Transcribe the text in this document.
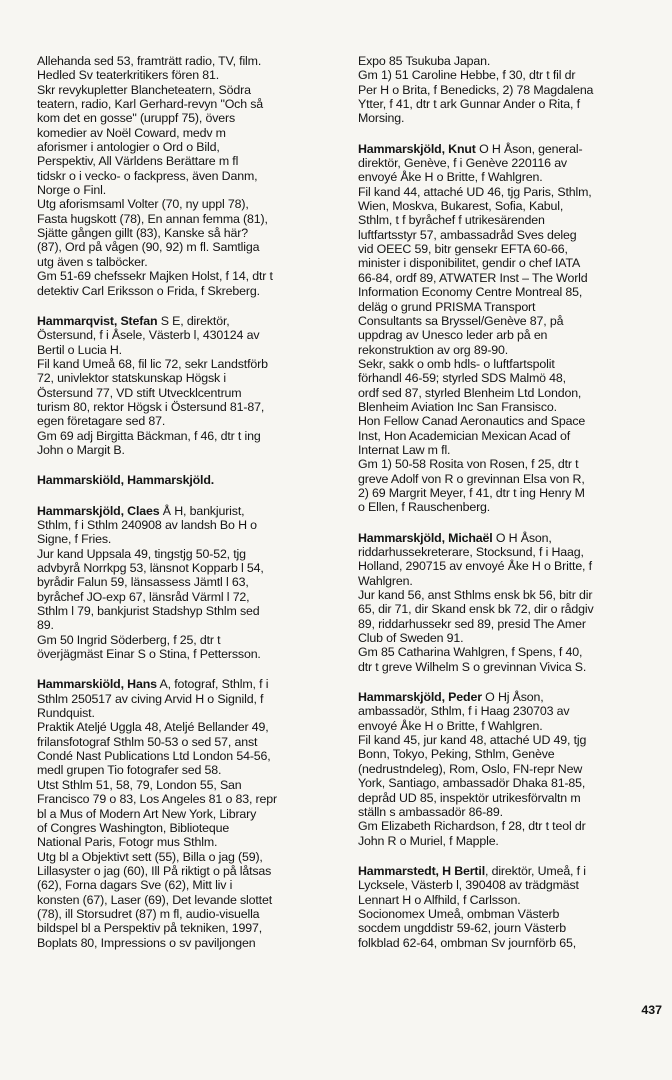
Allehanda sed 53, framträtt radio, TV, film.
Hedled Sv teaterkritikers fören 81.
Skr revykupletter Blancheteatern, Södra
teatern, radio, Karl Gerhard-revyn "Och så
kom det en gosse" (uruppf 75), övers
komedier av Noël Coward, medv m
aforismer i antologier o Ord o Bild,
Perspektiv, All Världens Berättare m fl
tidskr o i vecko- o fackpress, även Danm,
Norge o Finl.
Utg aforismsaml Volter (70, ny uppl 78),
Fasta hugskott (78), En annan femma (81),
Sjätte gången gillt (83), Kanske så här?
(87), Ord på vågen (90, 92) m fl. Samtliga
utg även s talböcker.
Gm 51-69 chefssekr Majken Holst, f 14, dtr t
detektiv Carl Eriksson o Frida, f Skreberg.

Hammarqvist, Stefan S E, direktör,
Östersund, f i Åsele, Västerb l, 430124 av
Bertil o Lucia H.
Fil kand Umeå 68, fil lic 72, sekr Landstförb
72, univlektor statskunskap Högsk i
Östersund 77, VD stift Utvecklcentrum
turism 80, rektor Högsk i Östersund 81-87,
egen företagare sed 87.
Gm 69 adj Birgitta Bäckman, f 46, dtr t ing
John o Margit B.

Hammarskiöld, Hammarskjöld.

Hammarskjöld, Claes Å H, bankjurist,
Sthlm, f i Sthlm 240908 av landsh Bo H o
Signe, f Fries.
Jur kand Uppsala 49, tingstjg 50-52, tjg
advbyrå Norrkpg 53, länsnot Kopparb l 54,
byrådir Falun 59, länsassess Jämtl l 63,
byråchef JO-exp 67, länsråd Värml l 72,
Sthlm l 79, bankjurist Stadshyp Sthlm sed
89.
Gm 50 Ingrid Söderberg, f 25, dtr t
överjägmäst Einar S o Stina, f Pettersson.

Hammarskiöld, Hans A, fotograf, Sthlm, f i
Sthlm 250517 av civing Arvid H o Signild, f
Rundquist.
Praktik Ateljé Uggla 48, Ateljé Bellander 49,
frilansfotograf Sthlm 50-53 o sed 57, anst
Condé Nast Publications Ltd London 54-56,
medl grupen Tio fotografer sed 58.
Utst Sthlm 51, 58, 79, London 55, San
Francisco 79 o 83, Los Angeles 81 o 83, repr
bl a Mus of Modern Art New York, Library
of Congres Washington, Biblioteque
National Paris, Fotogr mus Sthlm.
Utg bl a Objektivt sett (55), Billa o jag (59),
Lillasyster o jag (60), Ill På riktigt o på låtsas
(62), Forna dagars Sve (62), Mitt liv i
konsten (67), Laser (69), Det levande slottet
(78), ill Storsudret (87) m fl, audio-visuella
bildspel bl a Perspektiv på tekniken, 1997,
Boplats 80, Impressions o sv paviljongen

Expo 85 Tsukuba Japan.
Gm 1) 51 Caroline Hebbe, f 30, dtr t fil dr
Per H o Brita, f Benedicks, 2) 78 Magdalena
Ytter, f 41, dtr t ark Gunnar Ander o Rita, f
Morsing.

Hammarskjöld, Knut O H Åson, general-
direktör, Genève, f i Genève 220116 av
envoyé Åke H o Britte, f Wahlgren.
Fil kand 44, attaché UD 46, tjg Paris, Sthlm,
Wien, Moskva, Bukarest, Sofia, Kabul,
Sthlm, t f byråchef f utrikesärenden
luftfartsstyr 57, ambassadråd Sves deleg
vid OEEC 59, bitr gensekr EFTA 60-66,
minister i disponibilitet, gendir o chef IATA
66-84, ordf 89, ATWATER Inst – The World
Information Economy Centre Montreal 85,
deläg o grund PRISMA Transport
Consultants sa Bryssel/Genève 87, på
uppdrag av Unesco leder arb på en
rekonstruktion av org 89-90.
Sekr, sakk o omb hdls- o luftfartspolit
förhandl 46-59; styrled SDS Malmö 48,
ordf sed 87, styrled Blenheim Ltd London,
Blenheim Aviation Inc San Fransisco.
Hon Fellow Canad Aeronautics and Space
Inst, Hon Academician Mexican Acad of
Internat Law m fl.
Gm 1) 50-58 Rosita von Rosen, f 25, dtr t
greve Adolf von R o grevinnan Elsa von R,
2) 69 Margrit Meyer, f 41, dtr t ing Henry M
o Ellen, f Rauschenberg.

Hammarskjöld, Michaël O H Åson,
riddarhussekreterare, Stocksund, f i Haag,
Holland, 290715 av envoyé Åke H o Britte, f
Wahlgren.
Jur kand 56, anst Sthlms ensk bk 56, bitr dir
65, dir 71, dir Skand ensk bk 72, dir o rådgiv
89, riddarhussekr sed 89, presid The Amer
Club of Sweden 91.
Gm 85 Catharina Wahlgren, f Spens, f 40,
dtr t greve Wilhelm S o grevinnan Vivica S.

Hammarskjöld, Peder O Hj Åson,
ambassadör, Sthlm, f i Haag 230703 av
envoyé Åke H o Britte, f Wahlgren.
Fil kand 45, jur kand 48, attaché UD 49, tjg
Bonn, Tokyo, Peking, Sthlm, Genève
(nedrustndeleg), Rom, Oslo, FN-repr New
York, Santiago, ambassadör Dhaka 81-85,
depråd UD 85, inspektör utrikesförvaltn m
ställn s ambassadör 86-89.
Gm Elizabeth Richardson, f 28, dtr t teol dr
John R o Muriel, f Mapple.

Hammarstedt, H Bertil, direktör, Umeå, f i
Lycksele, Västerb l, 390408 av trädgmäst
Lennart H o Alfhild, f Carlsson.
Socionomex Umeå, ombman Västerb
socdem ungddistr 59-62, journ Västerb
folkblad 62-64, ombman Sv journförb 65,

437
